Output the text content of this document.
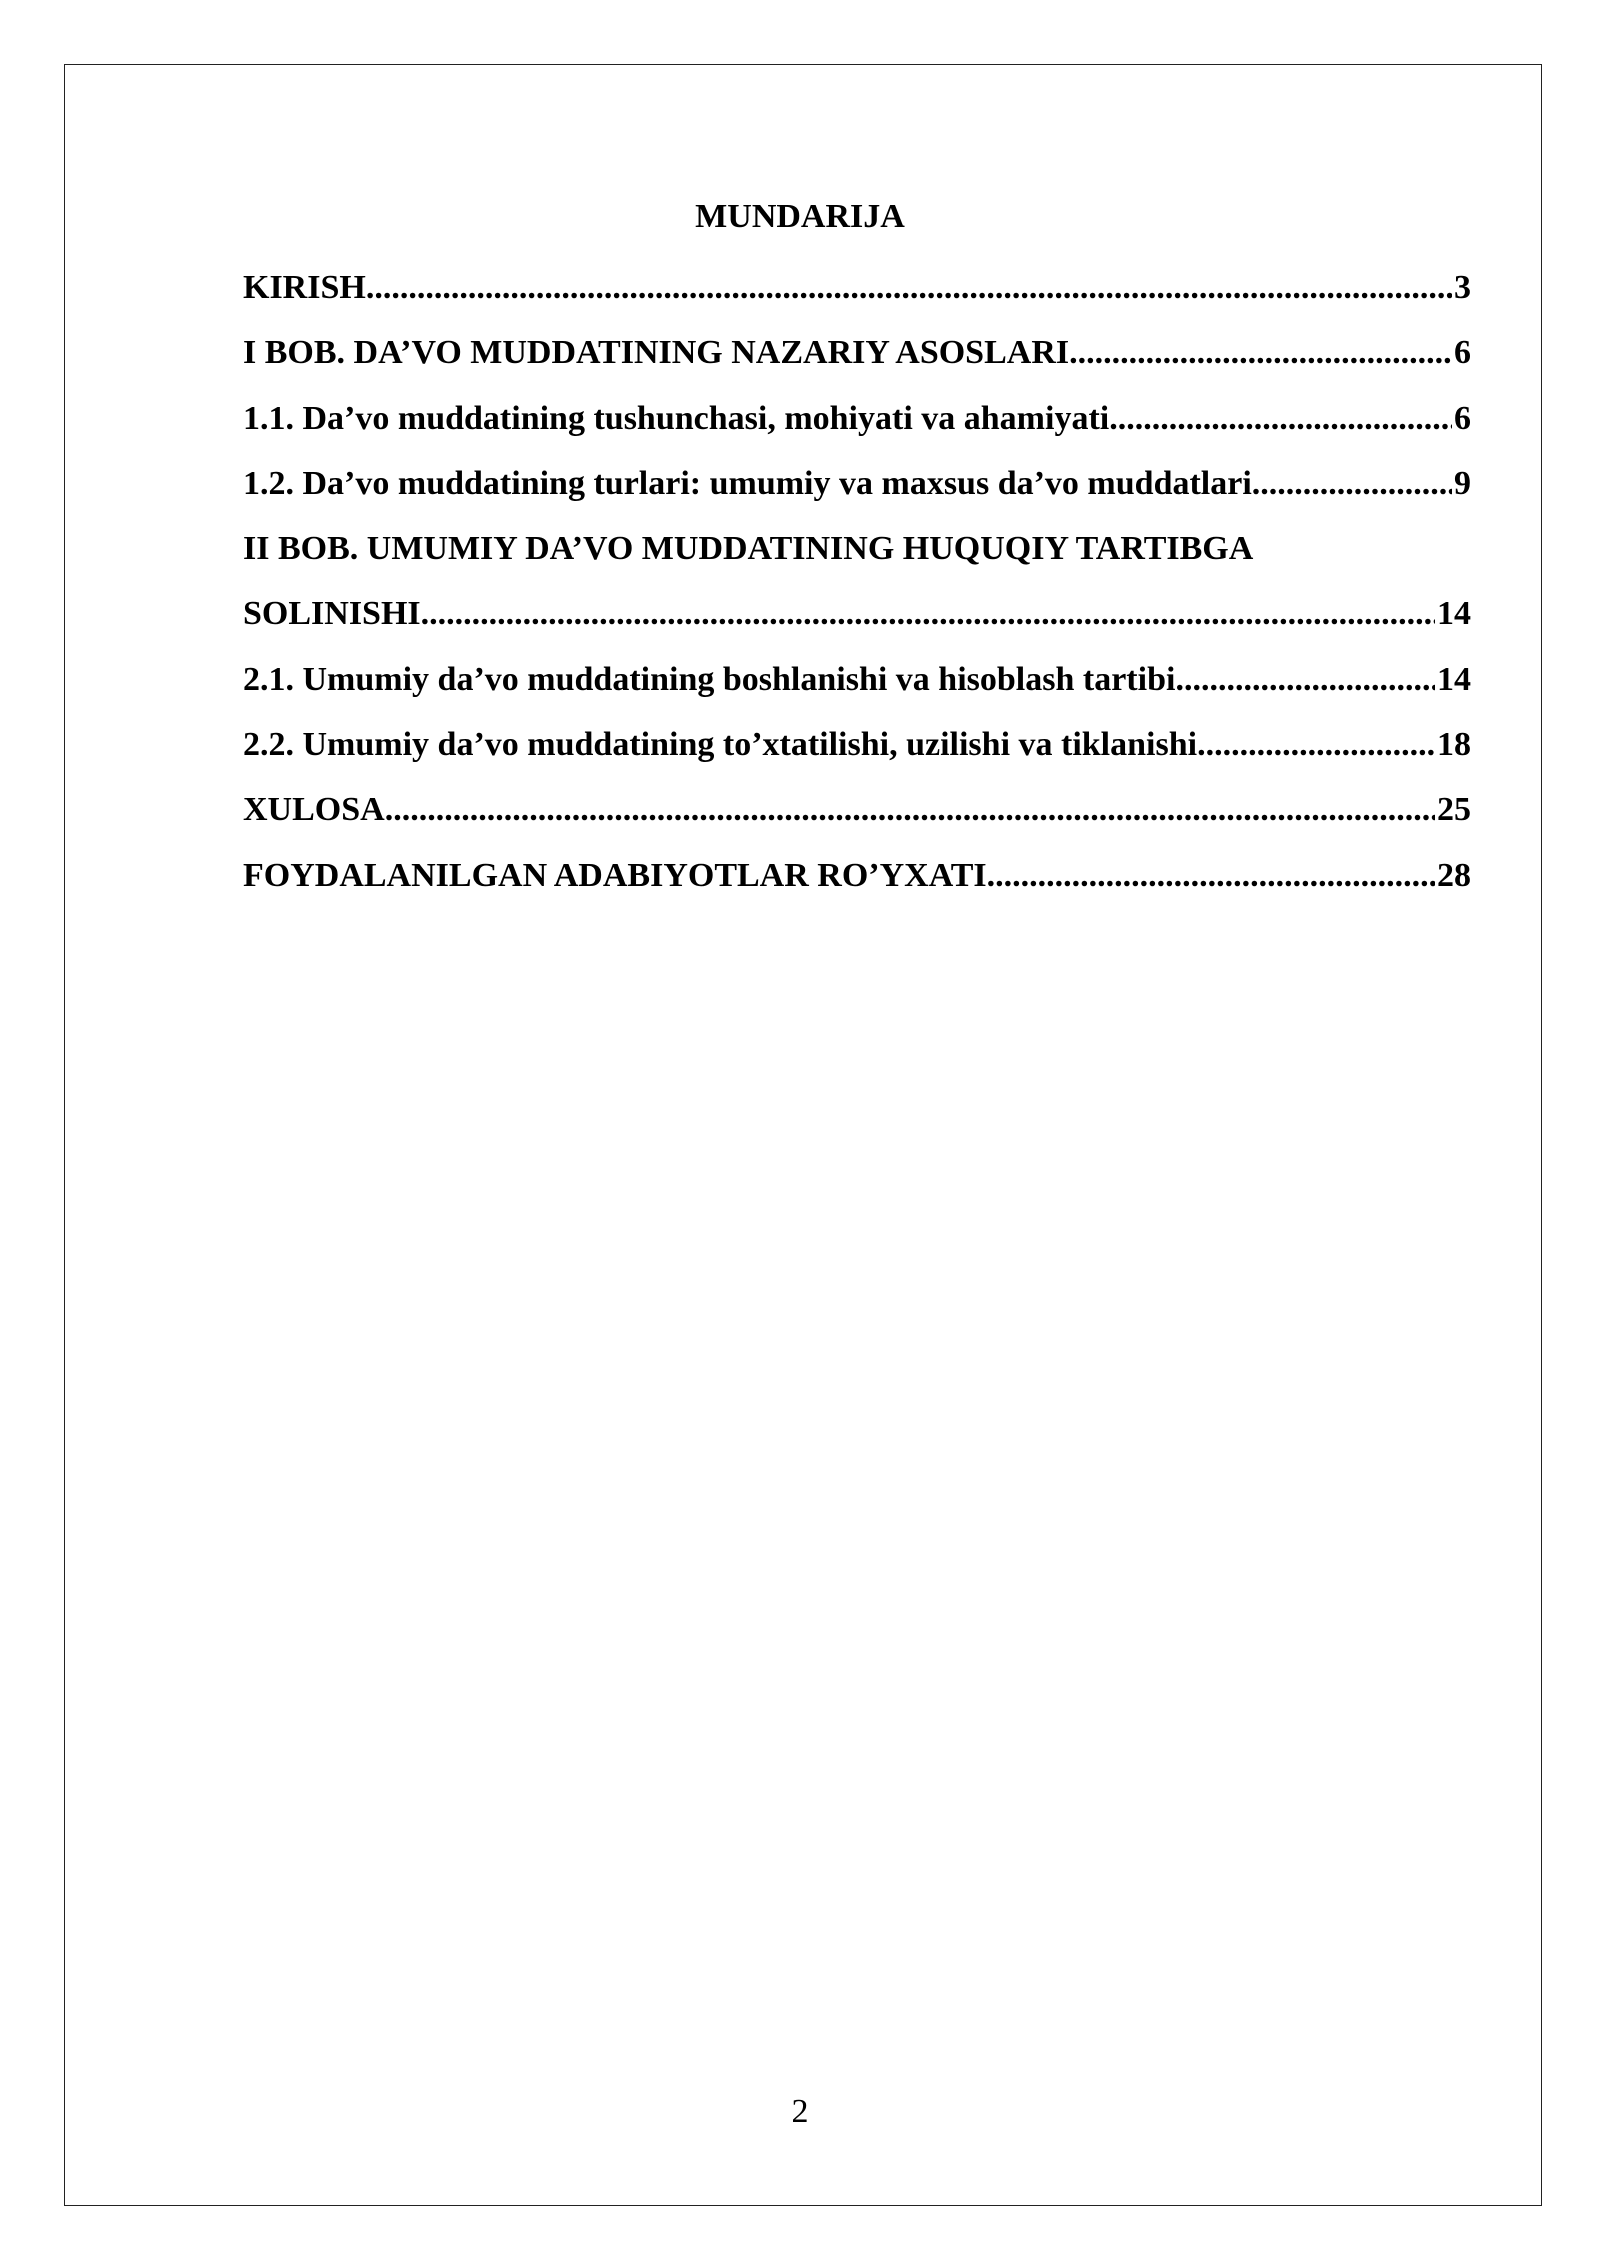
MUNDARIJA
KIRISH .....	3
I BOB. DA’VO MUDDATINING NAZARIY ASOSLARI .....	6
1.1. Da’vo muddatining tushunchasi, mohiyati va ahamiyati .....	6
1.2. Da’vo muddatining turlari: umumiy va maxsus da’vo muddatlari .....	9
II BOB. UMUMIY DA’VO MUDDATINING HUQUQIY TARTIBGA
SOLINISHI .....	14
2.1. Umumiy da’vo muddatining boshlanishi va hisoblash tartibi .....	14
2.2. Umumiy da’vo muddatining to’xtatilishi, uzilishi va tiklanishi .....	18
XULOSA .....	25
FOYDALANILGAN ADABIYOTLAR RO’YXATI .....	28
2
